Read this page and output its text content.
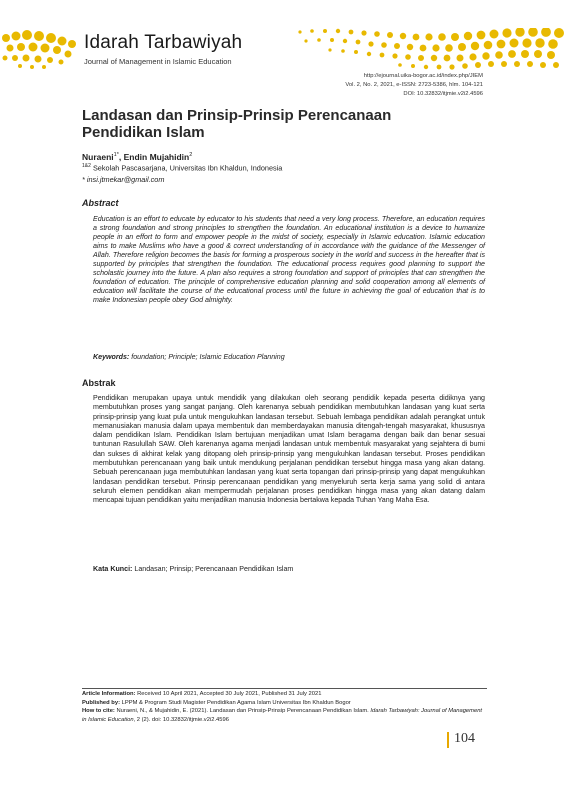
Idarah Tarbawiyah
Journal of Management in Islamic Education
http://ejournal.uika-bogor.ac.id/index.php/JIEM
Vol. 2, No. 2, 2021, e-ISSN: 2723-5386, hlm. 104-121
DOI: 10.32832/itjmie.v2i2.4596
Landasan dan Prinsip-Prinsip Perencanaan
Pendidikan Islam
Nuraeni$^{1*}$, Endin Mujahidin$^2$
$^{1\&2}$ Sekolah Pascasarjana, Universitas Ibn Khaldun, Indonesia
* insi.jtmekar@gmail.com
Abstract
Education is an effort to educate by educator to his students that need a very long process. Therefore, an education requires a strong foundation and strong principles to strengthen the foundation. An educational institution is a device to humanize people in an effort to form and empower people in the midst of society, especially in Islamic education. Islamic education aims to make Muslims who have a good & correct understanding of in accordance with the guidance of the Messenger of Allah. Therefore religion becomes the basis for forming a prosperous society in the world and success in the hereafter that is supported by principles that strengthen the foundation. The educational process requires good planning to support the scholastic journey into the future. A plan also requires a strong foundation and support of principles that can strengthen the foundation of education. The principle of comprehensive education planning and solid cooperation among all elements of education will facilitate the course of the educational process until the future in achieving the goal of education that is to make Indonesian people obey God almighty.
Keywords: foundation; Principle; Islamic Education Planning
Abstrak
Pendidikan merupakan upaya untuk mendidik yang dilakukan oleh seorang pendidik kepada peserta didiknya yang membutuhkan proses yang sangat panjang. Oleh karenanya sebuah pendidikan membutuhkan landasan yang kuat serta prinsip-prinsip yang kuat pula untuk mengukuhkan landasan tersebut. Sebuah lembaga pendidikan adalah perangkat untuk memanusiakan manusia dalam upaya membentuk dan memberdayakan manusia ditengah-tengah masyarakat, khususnya dalam pendidikan Islam. Pendidikan Islam bertujuan menjadikan umat Islam beragama dengan baik dan benar sesuai tuntunan Rasulullah SAW. Oleh karenanya agama menjadi landasan untuk membentuk masyarakat yang sejahtera di bumi dan sukses di akhirat kelak yang ditopang oleh prinsip-prinsip yang mengukuhkan landasan tersebut. Proses pendidikan membutuhkan perencanaan yang baik untuk mendukung perjalanan pendidikan tersebut hingga masa yang akan datang. Sebuah perencanaan juga membutuhkan landasan yang kuat serta topangan dari prinsip-prinsip yang dapat mengukuhkan landasan pendidikan tersebut. Prinsip perencanaan pendidikan yang menyeluruh serta kerja sama yang solid di antara seluruh elemen pendidikan akan mempermudah perjalanan proses pendidikan hingga masa yang akan datang dalam mencapai tujuan pendidikan yaitu menjadikan manusia Indonesia bertakwa kepada Tuhan Yang Maha Esa.
Kata Kunci: Landasan; Prinsip; Perencanaan Pendidikan Islam
Article Information: Received 10 April 2021, Accepted 30 July 2021, Published 31 July 2021
Published by: LPPM & Program Studi Magister Pendidikan Agama Islam Universitas Ibn Khaldun Bogor
How to cite: Nuraeni, N., & Mujahidin, E. (2021). Landasan dan Prinsip-Prinsip Perencanaan Pendidikan Islam. Idarah Tarbawiyah: Journal of Management in Islamic Education, 2 (2). doi: 10.32832/itjmie.v2i2.4596
104
